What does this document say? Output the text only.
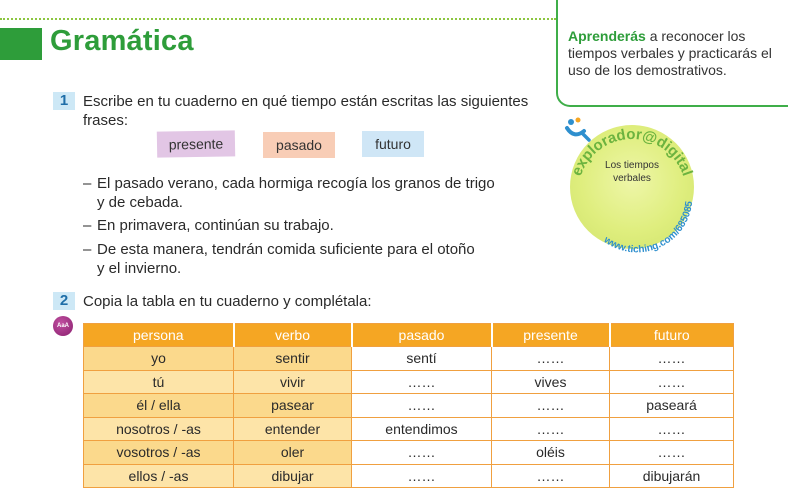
Gramática	Aprenderás a reconocer los tiempos verbales y practicarás el uso de los demostrativos.
explorador@digital
www.tiching.com/685085
Los tiempos
verbales
1 Escribe en tu cuaderno en qué tiempo están escritas las siguientes
frases:
presente	pasado	futuro
– El pasado verano, cada hormiga recogía los granos de trigo
y de cebada.
– En primavera, continúan su trabajo.
– De esta manera, tendrán comida suficiente para el otoño
y el invierno.
2 Copia la tabla en tu cuaderno y complétala:
AaA
persona	verbo	pasado	presente	futuro
yo	sentir	sentí	……	……
tú	vivir	……	vives	……
él / ella	pasear	……	……	paseará
nosotros / -as	entender	entendimos	……	……
vosotros / -as	oler	……	oléis	……
ellos / -as	dibujar	……	……	dibujarán
